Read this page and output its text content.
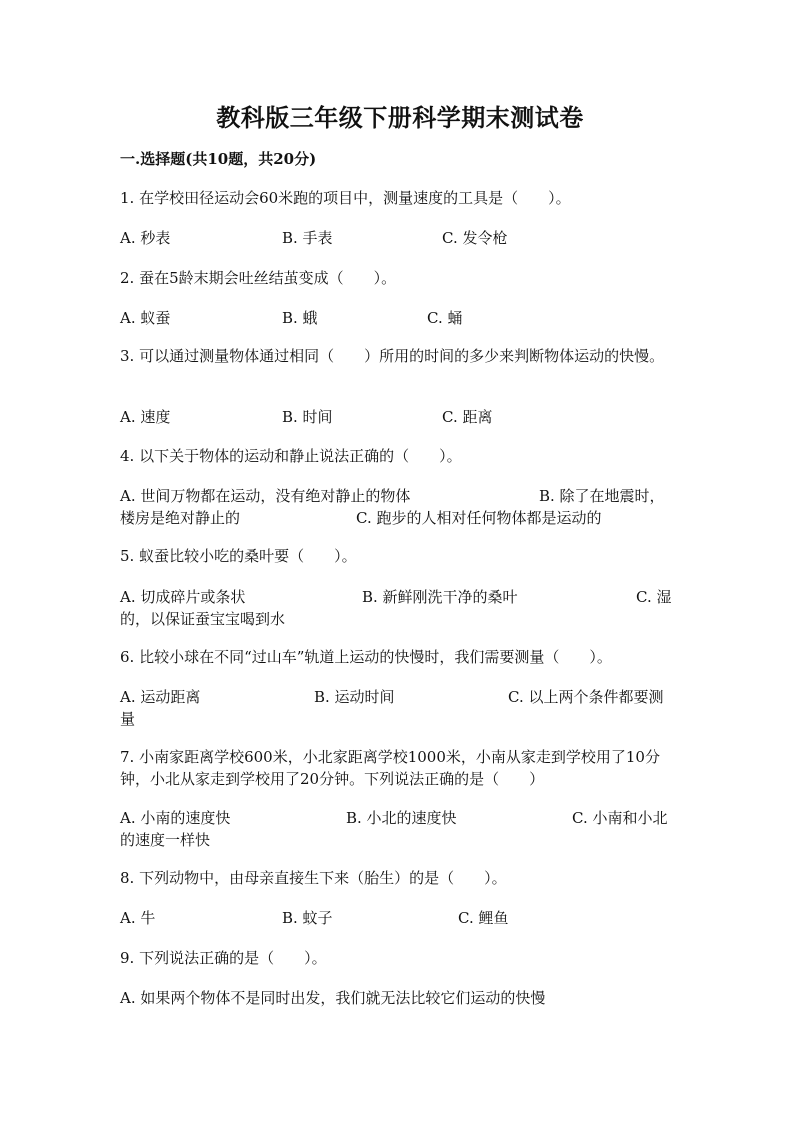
教科版三年级下册科学期末测试卷
一.选择题(共10题，共20分)
1. 在学校田径运动会60米跑的项目中，测量速度的工具是（　　）。
A. 秒表	B. 手表	C. 发令枪
2. 蚕在5龄末期会吐丝结茧变成（　　）。
A. 蚁蚕	B. 蛾	C. 蛹
3. 可以通过测量物体通过相同（　　）所用的时间的多少来判断物体运动的快慢。
A. 速度	B. 时间	C. 距离
4. 以下关于物体的运动和静止说法正确的（　　）。
A. 世间万物都在运动，没有绝对静止的物体	B. 除了在地震时，
楼房是绝对静止的	C. 跑步的人相对任何物体都是运动的
5. 蚁蚕比较小吃的桑叶要（　　）。
A. 切成碎片或条状	B. 新鲜刚洗干净的桑叶	C. 湿
的，以保证蚕宝宝喝到水
6. 比较小球在不同“过山车”轨道上运动的快慢时，我们需要测量（　　）。
A. 运动距离	B. 运动时间	C. 以上两个条件都要测
量
7. 小南家距离学校600米，小北家距离学校1000米，小南从家走到学校用了10分钟，小北从家走到学校用了20分钟。下列说法正确的是（　　）
A. 小南的速度快	B. 小北的速度快	C. 小南和小北
的速度一样快
8. 下列动物中，由母亲直接生下来（胎生）的是（　　）。
A. 牛	B. 蚊子	C. 鲤鱼
9. 下列说法正确的是（　　）。
A. 如果两个物体不是同时出发，我们就无法比较它们运动的快慢
